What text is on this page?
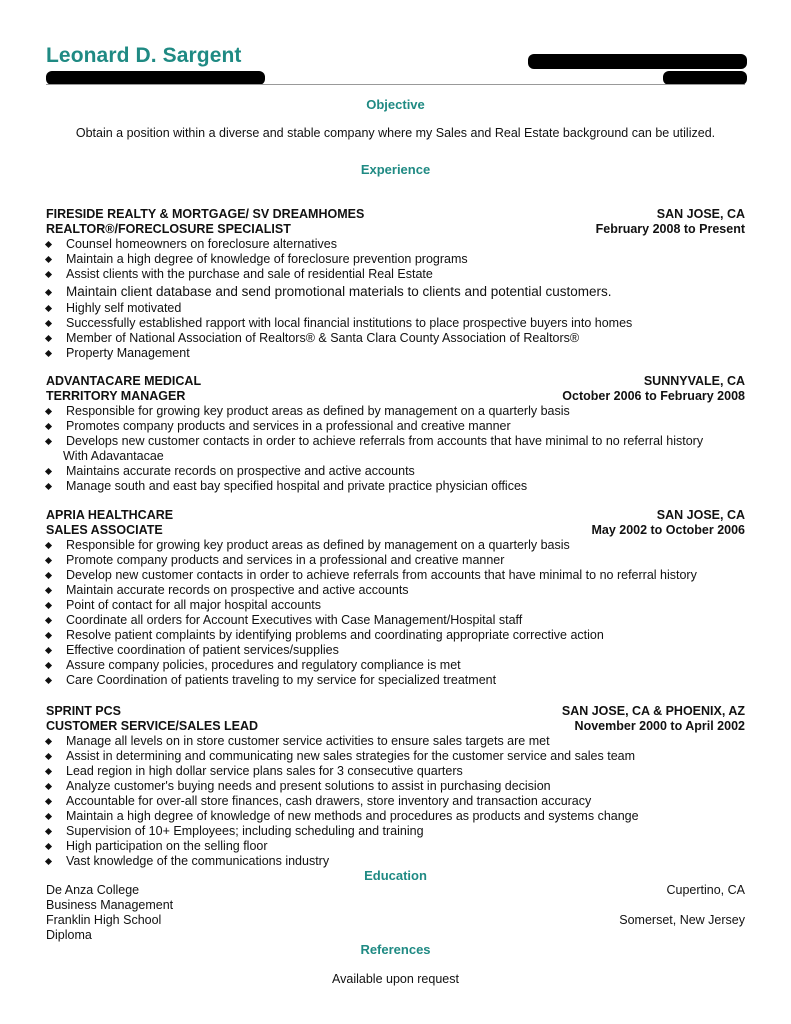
Leonard D. Sargent
Objective
Obtain a position within a diverse and stable company where my Sales and Real Estate background can be utilized.
Experience
FIRESIDE REALTY & MORTGAGE/ SV DREAMHOMES	SAN JOSE, CA
REALTOR®/FORECLOSURE SPECIALIST	February 2008 to Present
Counsel homeowners on foreclosure alternatives
Maintain a high degree of knowledge of foreclosure prevention programs
Assist clients with the purchase and sale of residential Real Estate
Maintain client database and send promotional materials to clients and potential customers.
Highly self motivated
Successfully established rapport with local financial institutions to place prospective buyers into homes
Member of National Association of Realtors® & Santa Clara County Association of Realtors®
Property Management
ADVANTACARE MEDICAL	SUNNYVALE, CA
TERRITORY MANAGER	October 2006 to February 2008
Responsible for growing key product areas as defined by management on a quarterly basis
Promotes company products and services in a professional and creative manner
Develops new customer contacts in order to achieve referrals from accounts that have minimal to no referral history
With Adavantacae
Maintains accurate records on prospective and active accounts
Manage south and east bay specified hospital and private practice physician offices
APRIA HEALTHCARE	SAN JOSE, CA
SALES ASSOCIATE	May 2002 to October 2006
Responsible for growing key product areas as defined by management on a quarterly basis
Promote company products and services in a professional and creative manner
Develop new customer contacts in order to achieve referrals from accounts that have minimal to no referral history
Maintain accurate records on prospective and active accounts
Point of contact for all major hospital accounts
Coordinate all orders for Account Executives with Case Management/Hospital staff
Resolve patient complaints by identifying problems and coordinating appropriate corrective action
Effective coordination of patient services/supplies
Assure company policies, procedures and regulatory compliance is met
Care Coordination of patients traveling to my service for specialized treatment
SPRINT PCS	SAN JOSE, CA & PHOENIX, AZ
CUSTOMER SERVICE/SALES LEAD	November 2000 to April 2002
Manage all levels on in store customer service activities to ensure sales targets are met
Assist in determining and communicating new sales strategies for the customer service and sales team
Lead region in high dollar service plans sales for 3 consecutive quarters
Analyze customer's buying needs and present solutions to assist in purchasing decision
Accountable for over-all store finances, cash drawers, store inventory and transaction accuracy
Maintain a high degree of knowledge of new methods and procedures as products and systems change
Supervision of 10+ Employees; including scheduling and training
High participation on the selling floor
Vast knowledge of the communications industry
Education
De Anza College	Cupertino, CA
Business Management
Franklin High School	Somerset, New Jersey
Diploma
References
Available upon request
